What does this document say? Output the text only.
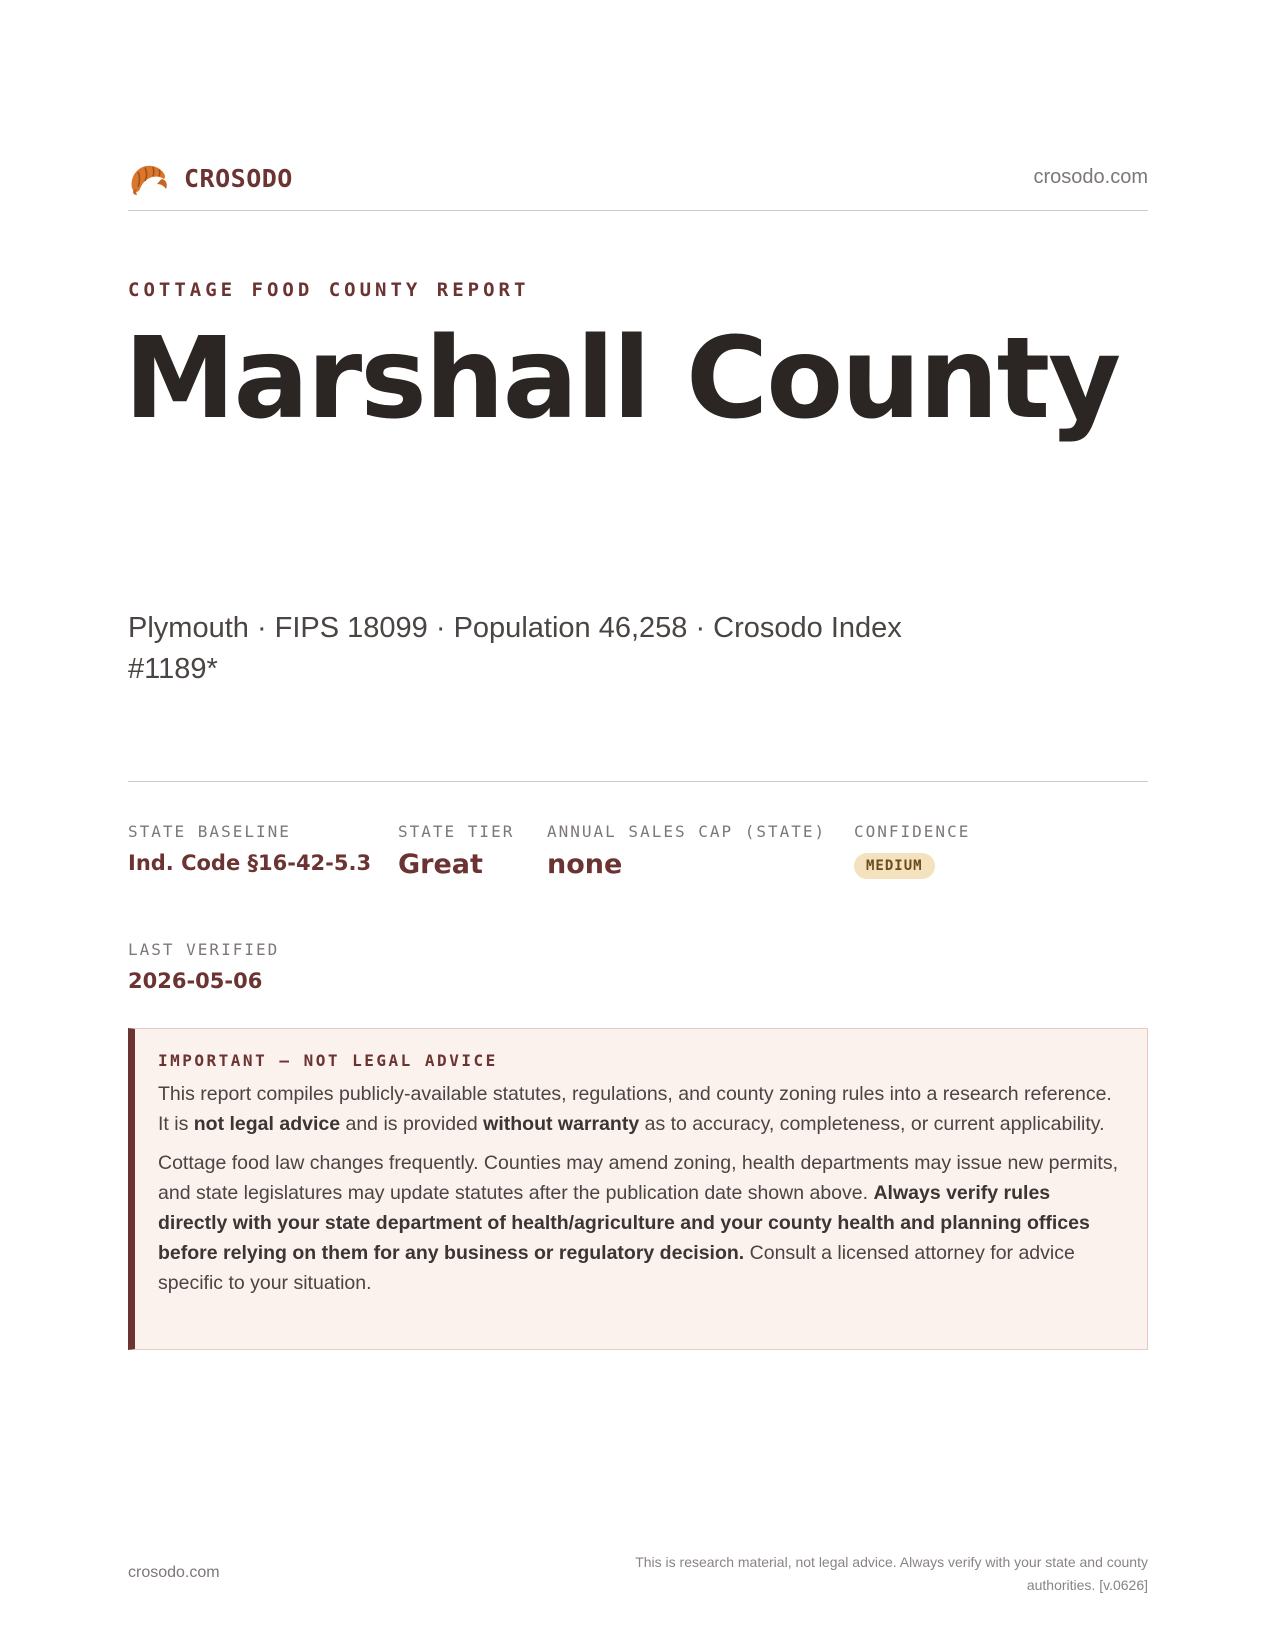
CROSODO	crosodo.com
COTTAGE FOOD COUNTY REPORT
Marshall County
Plymouth · FIPS 18099 · Population 46,258 · Crosodo Index #1189*
STATE BASELINE
Ind. Code §16-42-5.3
STATE TIER
Great
ANNUAL SALES CAP (STATE)
none
CONFIDENCE
MEDIUM
LAST VERIFIED
2026-05-06
IMPORTANT — NOT LEGAL ADVICE

This report compiles publicly-available statutes, regulations, and county zoning rules into a research reference. It is not legal advice and is provided without warranty as to accuracy, completeness, or current applicability.

Cottage food law changes frequently. Counties may amend zoning, health departments may issue new permits, and state legislatures may update statutes after the publication date shown above. Always verify rules directly with your state department of health/agriculture and your county health and planning offices before relying on them for any business or regulatory decision. Consult a licensed attorney for advice specific to your situation.

crosodo.com
This is research material, not legal advice. Always verify with your state and county authorities. [v.0626]
